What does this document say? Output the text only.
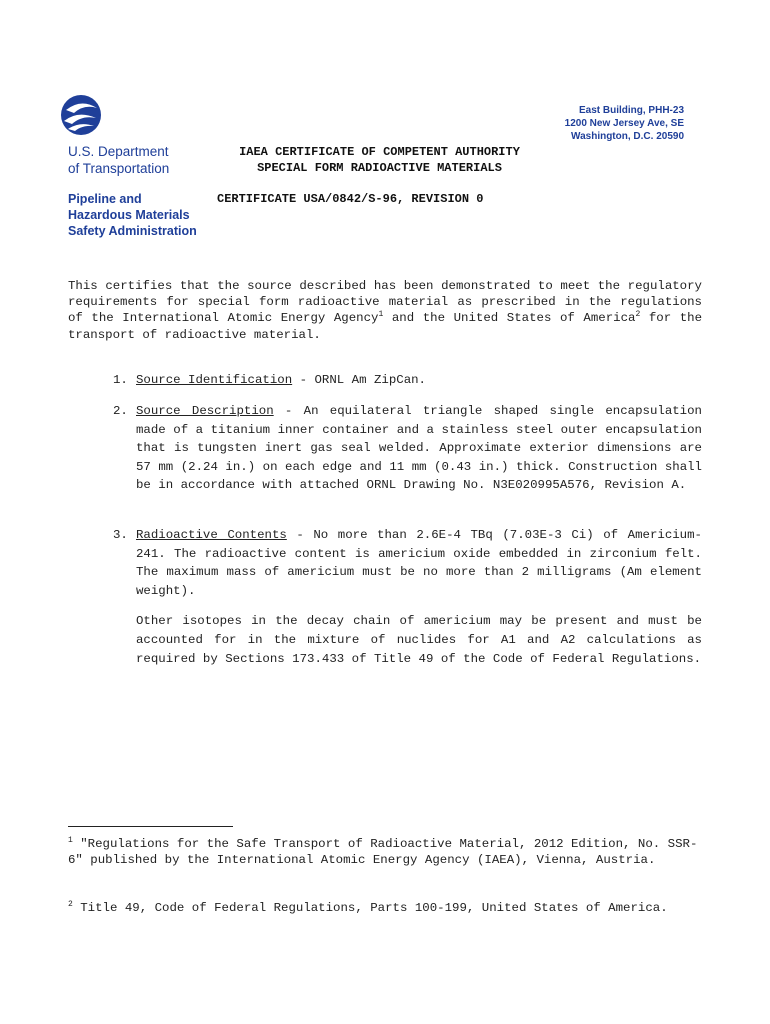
U.S. Department
of Transportation
Pipeline and
Hazardous Materials
Safety Administration
East Building, PHH-23
1200 New Jersey Ave, SE
Washington, D.C. 20590
IAEA CERTIFICATE OF COMPETENT AUTHORITY
SPECIAL FORM RADIOACTIVE MATERIALS
CERTIFICATE USA/0842/S-96, REVISION 0
This certifies that the source described has been demonstrated to meet the regulatory requirements for special form radioactive material as prescribed in the regulations of the International Atomic Energy Agency$^1$ and the United States of America$^2$ for the transport of radioactive material.
1. Source Identification - ORNL Am ZipCan.
2. Source Description - An equilateral triangle shaped single encapsulation made of a titanium inner container and a stainless steel outer encapsulation that is tungsten inert gas seal welded. Approximate exterior dimensions are 57 mm (2.24 in.) on each edge and 11 mm (0.43 in.) thick. Construction shall be in accordance with attached ORNL Drawing No. N3E020995A576, Revision A.
3. Radioactive Contents - No more than 2.6E-4 TBq (7.03E-3 Ci) of Americium-241. The radioactive content is americium oxide embedded in zirconium felt. The maximum mass of americium must be no more than 2 milligrams (Am element weight).
Other isotopes in the decay chain of americium may be present and must be accounted for in the mixture of nuclides for A1 and A2 calculations as required by Sections 173.433 of Title 49 of the Code of Federal Regulations.
$^1$ "Regulations for the Safe Transport of Radioactive Material, 2012 Edition, No. SSR-6" published by the International Atomic Energy Agency (IAEA), Vienna, Austria.
$^2$ Title 49, Code of Federal Regulations, Parts 100-199, United States of America.
